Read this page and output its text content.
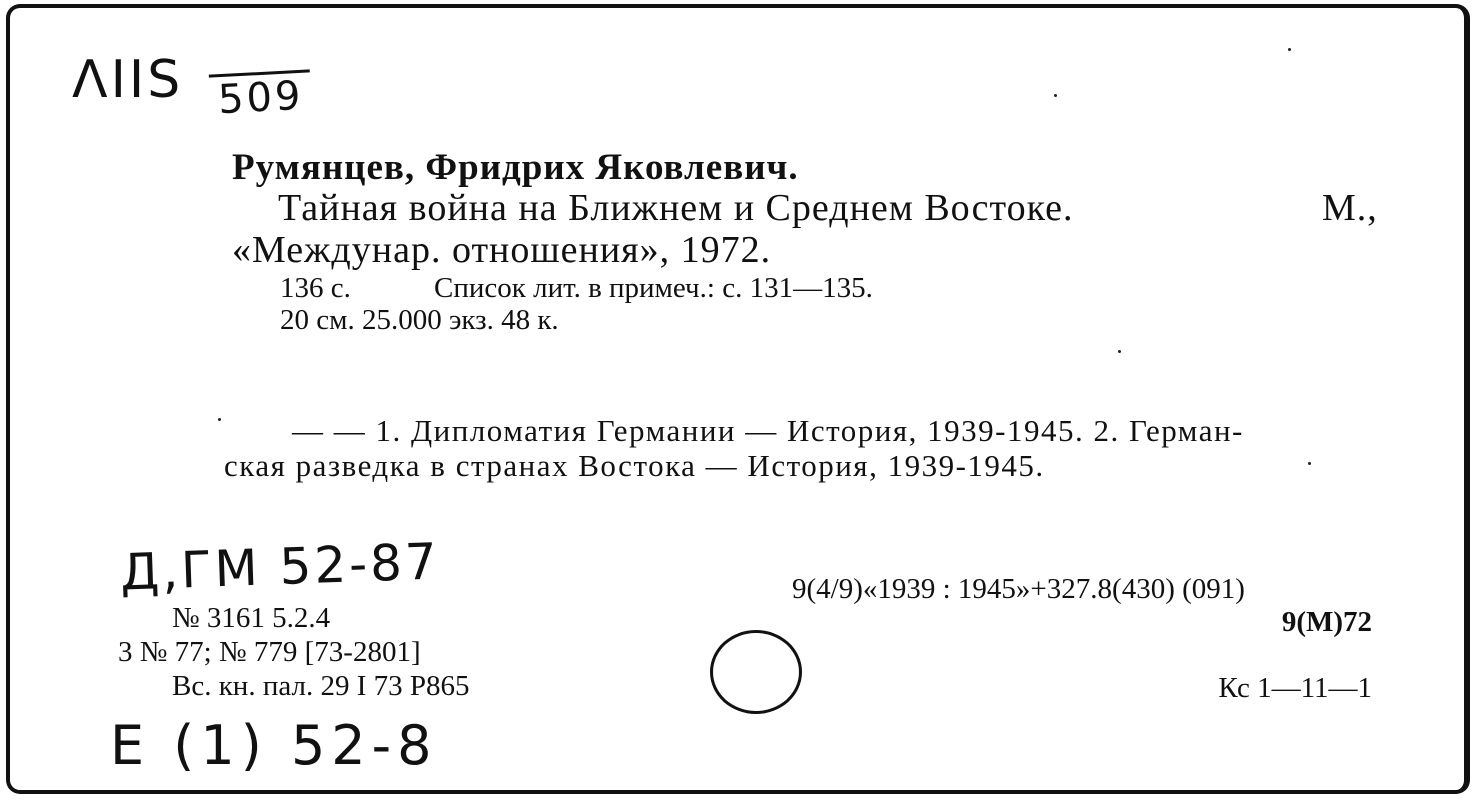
ΛIIS 509
Румянцев, Фридрих Яковлевич.
Тайная война на Ближнем и Среднем Востоке.	М.,
«Междунар. отношения», 1972.
136 с.	Список лит. в примеч.: с. 131—135.
20 см. 25.000 экз. 48 к.
— — 1. Дипломатия Германии — История, 1939-1945. 2. Герман-
ская разведка в странах Востока — История, 1939-1945.
Д,ГМ 52-87
№ 3161 5.2.4
3 № 77; № 779 [73-2801]
Вс. кн. пал. 29 I 73 Р865
9(4/9)«1939 : 1945»+327.8(430) (091)
9(М)72
Кс 1—11—1
E (1) 52-8
